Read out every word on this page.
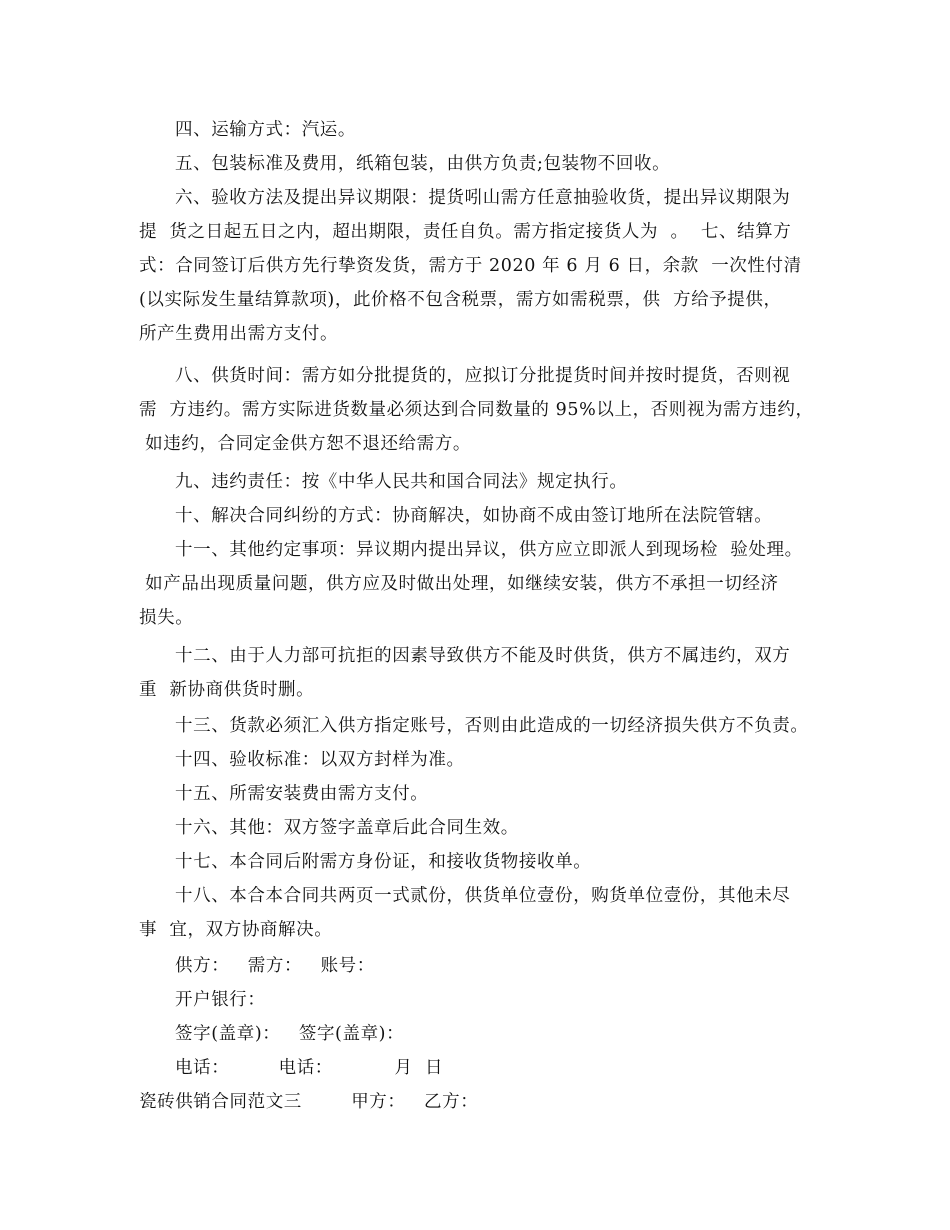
四、运输方式：汽运。
五、包装标准及费用，纸箱包装，由供方负责;包装物不回收。
六、验收方法及提出异议期限：提货吲山需方任意抽验收货，提出异议期限为
提  货之日起五日之内，超出期限，责任自负。需方指定接货人为  。  七、结算方
式：合同签订后供方先行挚资发货，需方于 2020 年 6 月 6 日，余款  一次性付清
(以实际发生量结算款项)，此价格不包含税票，需方如需税票，供  方给予提供，
所产生费用出需方支付。
八、供货时间：需方如分批提货的，应拟订分批提货时间并按时提货，否则视
需  方违约。需方实际进货数量必须达到合同数量的 95%以上，否则视为需方违约，
如违约，合同定金供方恕不退还给需方。
九、违约责任：按《中华人民共和国合同法》规定执行。
十、解决合同纠纷的方式：协商解决，如协商不成由签订地所在法院管辖。
十一、其他约定事项：异议期内提出异议，供方应立即派人到现场检  验处理。
如产品出现质量问题，供方应及时做出处理，如继续安装，供方不承担一切经济
损失。
十二、由于人力部可抗拒的因素导致供方不能及时供货，供方不属违约，双方
重  新协商供货时删。
十三、货款必须汇入供方指定账号，否则由此造成的一切经济损失供方不负责。
十四、验收标准：以双方封样为准。
十五、所需安装费由需方支付。
十六、其他：双方签字盖章后此合同生效。
十七、本合同后附需方身份证，和接收货物接收单。
十八、本合本合同共两页一式贰份，供货单位壹份，购货单位壹份，其他未尽
事  宜，双方协商解决。
供方：   需方：   账号：
开户银行：
签字(盖章)：   签字(盖章)：
电话：        电话：          月  日
瓷砖供销合同范文三        甲方：   乙方：
